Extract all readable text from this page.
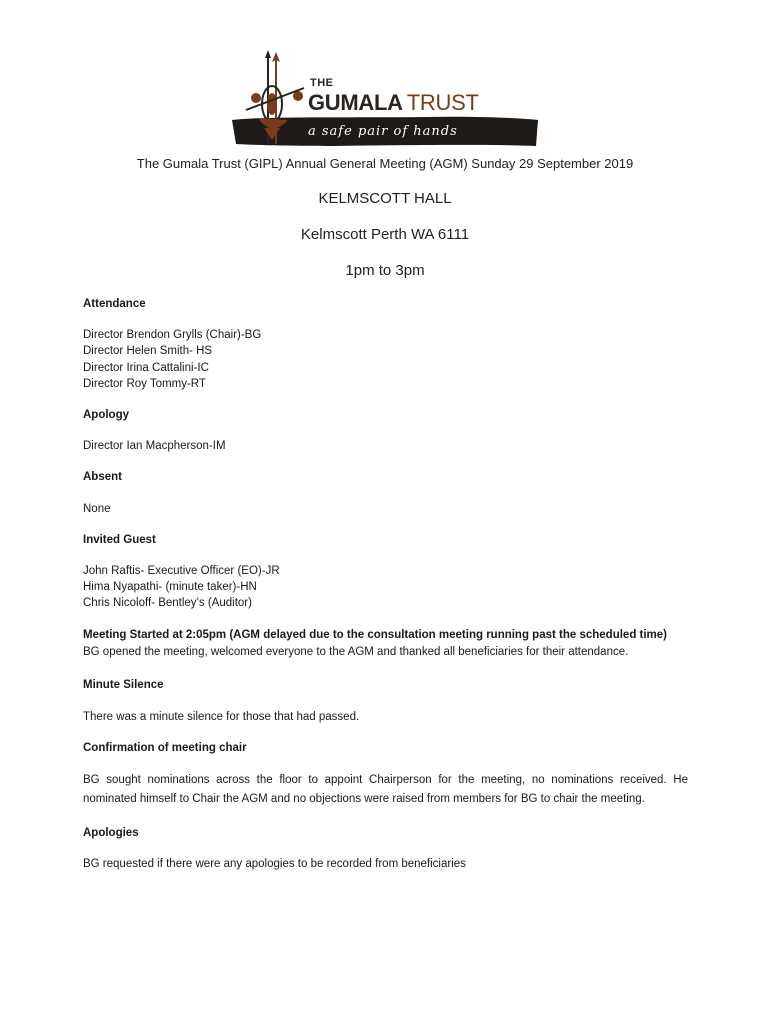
THE
GUMALA TRUST
a safe pair of hands
The Gumala Trust (GIPL) Annual General Meeting (AGM) Sunday 29 September 2019
KELMSCOTT HALL
Kelmscott Perth WA 6111
1pm to 3pm

Attendance

Director Brendon Grylls (Chair)-BG

Director Helen Smith- HS

Director Irina Cattalini-IC

Director Roy Tommy-RT

Apology

Director Ian Macpherson-IM

Absent

None

Invited Guest

John Raftis- Executive Officer (EO)-JR

Hima Nyapathi- (minute taker)-HN

Chris Nicoloff- Bentley’s (Auditor)

Meeting Started at 2:05pm (AGM delayed due to the consultation meeting running past the scheduled time)

BG opened the meeting, welcomed everyone to the AGM and thanked all beneficiaries for their attendance.

Minute Silence

There was a minute silence for those that had passed.

Confirmation of meeting chair

BG sought nominations across the floor to appoint Chairperson for the meeting, no nominations received. He nominated himself to Chair the AGM and no objections were raised from members for BG to chair the meeting.

Apologies

BG requested if there were any apologies to be recorded from beneficiaries
